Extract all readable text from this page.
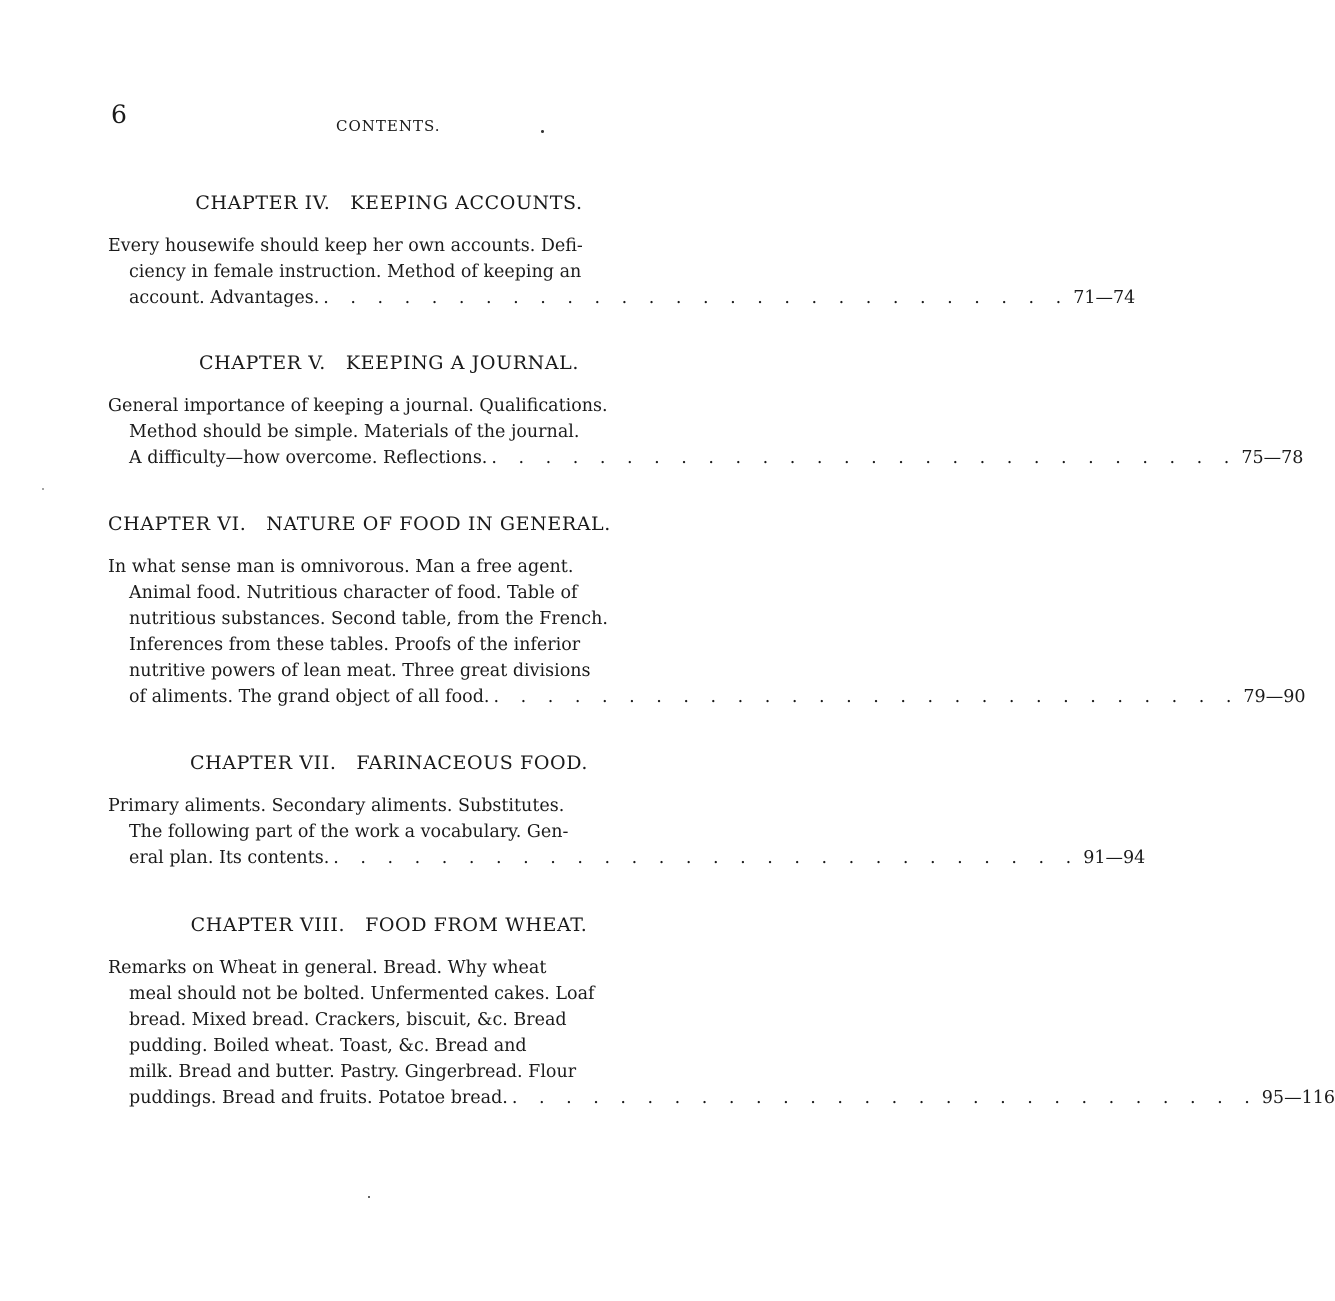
6	CONTENTS.
CHAPTER IV.   KEEPING ACCOUNTS.
Every housewife should keep her own accounts. Defi-
ciency in female instruction. Method of keeping an
account. Advantages. . . . . . . . . . . . . . . . . . . . . . . . . . . . . 71—74
CHAPTER V.   KEEPING A JOURNAL.
General importance of keeping a journal. Qualifications.
Method should be simple. Materials of the journal.
A difficulty—how overcome. Reflections. . . . . . . . . . . . . . . . . . . . . . . . . . . . . 75—78
CHAPTER VI.   NATURE OF FOOD IN GENERAL.
In what sense man is omnivorous. Man a free agent.
Animal food. Nutritious character of food. Table of
nutritious substances. Second table, from the French.
Inferences from these tables. Proofs of the inferior
nutritive powers of lean meat. Three great divisions
of aliments. The grand object of all food. . . . . . . . . . . . . . . . . . . . . . . . . . . . . 79—90
CHAPTER VII.   FARINACEOUS FOOD.
Primary aliments. Secondary aliments. Substitutes.
The following part of the work a vocabulary. Gen-
eral plan. Its contents. . . . . . . . . . . . . . . . . . . . . . . . . . . . . 91—94
CHAPTER VIII.   FOOD FROM WHEAT.
Remarks on Wheat in general. Bread. Why wheat
meal should not be bolted. Unfermented cakes. Loaf
bread. Mixed bread. Crackers, biscuit, &c. Bread
pudding. Boiled wheat. Toast, &c. Bread and
milk. Bread and butter. Pastry. Gingerbread. Flour
puddings. Bread and fruits. Potatoe bread. . . . . . . . . . . . . . . . . . . . . . . . . . . . . 95—116
